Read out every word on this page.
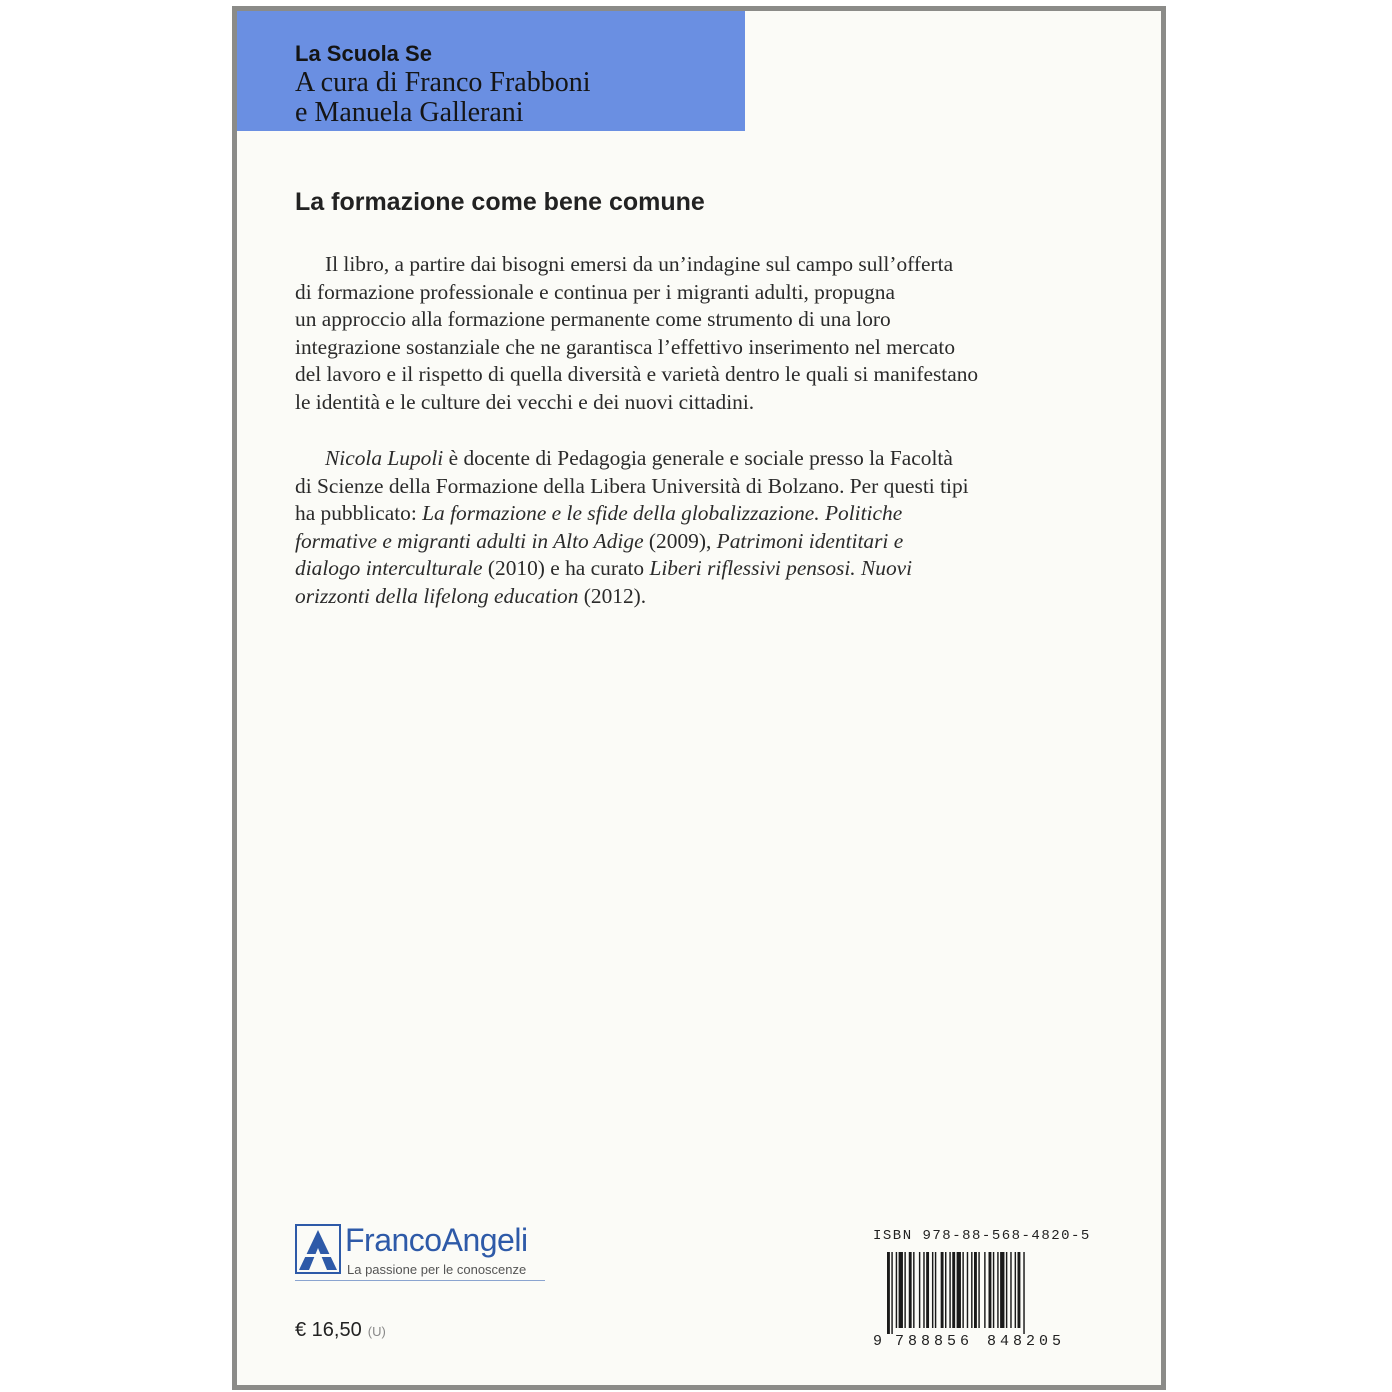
La Scuola Se
A cura di Franco Frabboni
e Manuela Gallerani
La formazione come bene comune
Il libro, a partire dai bisogni emersi da un’indagine sul campo sull’offerta
di formazione professionale e continua per i migranti adulti, propugna
un approccio alla formazione permanente come strumento di una loro
integrazione sostanziale che ne garantisca l’effettivo inserimento nel mercato
del lavoro e il rispetto di quella diversità e varietà dentro le quali si manifestano
le identità e le culture dei vecchi e dei nuovi cittadini.
Nicola Lupoli è docente di Pedagogia generale e sociale presso la Facoltà
di Scienze della Formazione della Libera Università di Bolzano. Per questi tipi
ha pubblicato: La formazione e le sfide della globalizzazione. Politiche
formative e migranti adulti in Alto Adige (2009), Patrimoni identitari e
dialogo interculturale (2010) e ha curato Liberi riflessivi pensosi. Nuovi
orizzonti della lifelong education (2012).
FrancoAngeli
La passione per le conoscenze
€ 16,50 (U)
ISBN 978-88-568-4820-5
9 788856 848205
